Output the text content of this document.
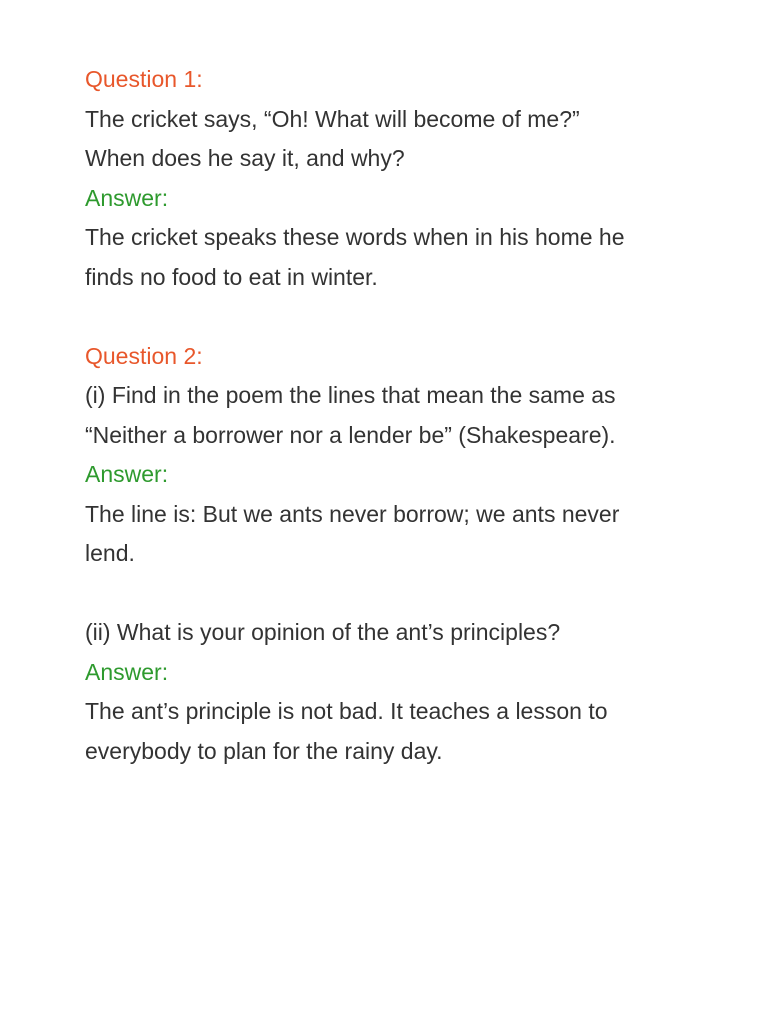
Question 1:

The cricket says, “Oh! What will become of me?”

When does he say it, and why?

Answer:

The cricket speaks these words when in his home he

finds no food to eat in winter.

Question 2:

(i) Find in the poem the lines that mean the same as

“Neither a borrower nor a lender be” (Shakespeare).

Answer:

The line is: But we ants never borrow; we ants never

lend.

(ii) What is your opinion of the ant’s principles?

Answer:

The ant’s principle is not bad. It teaches a lesson to

everybody to plan for the rainy day.
